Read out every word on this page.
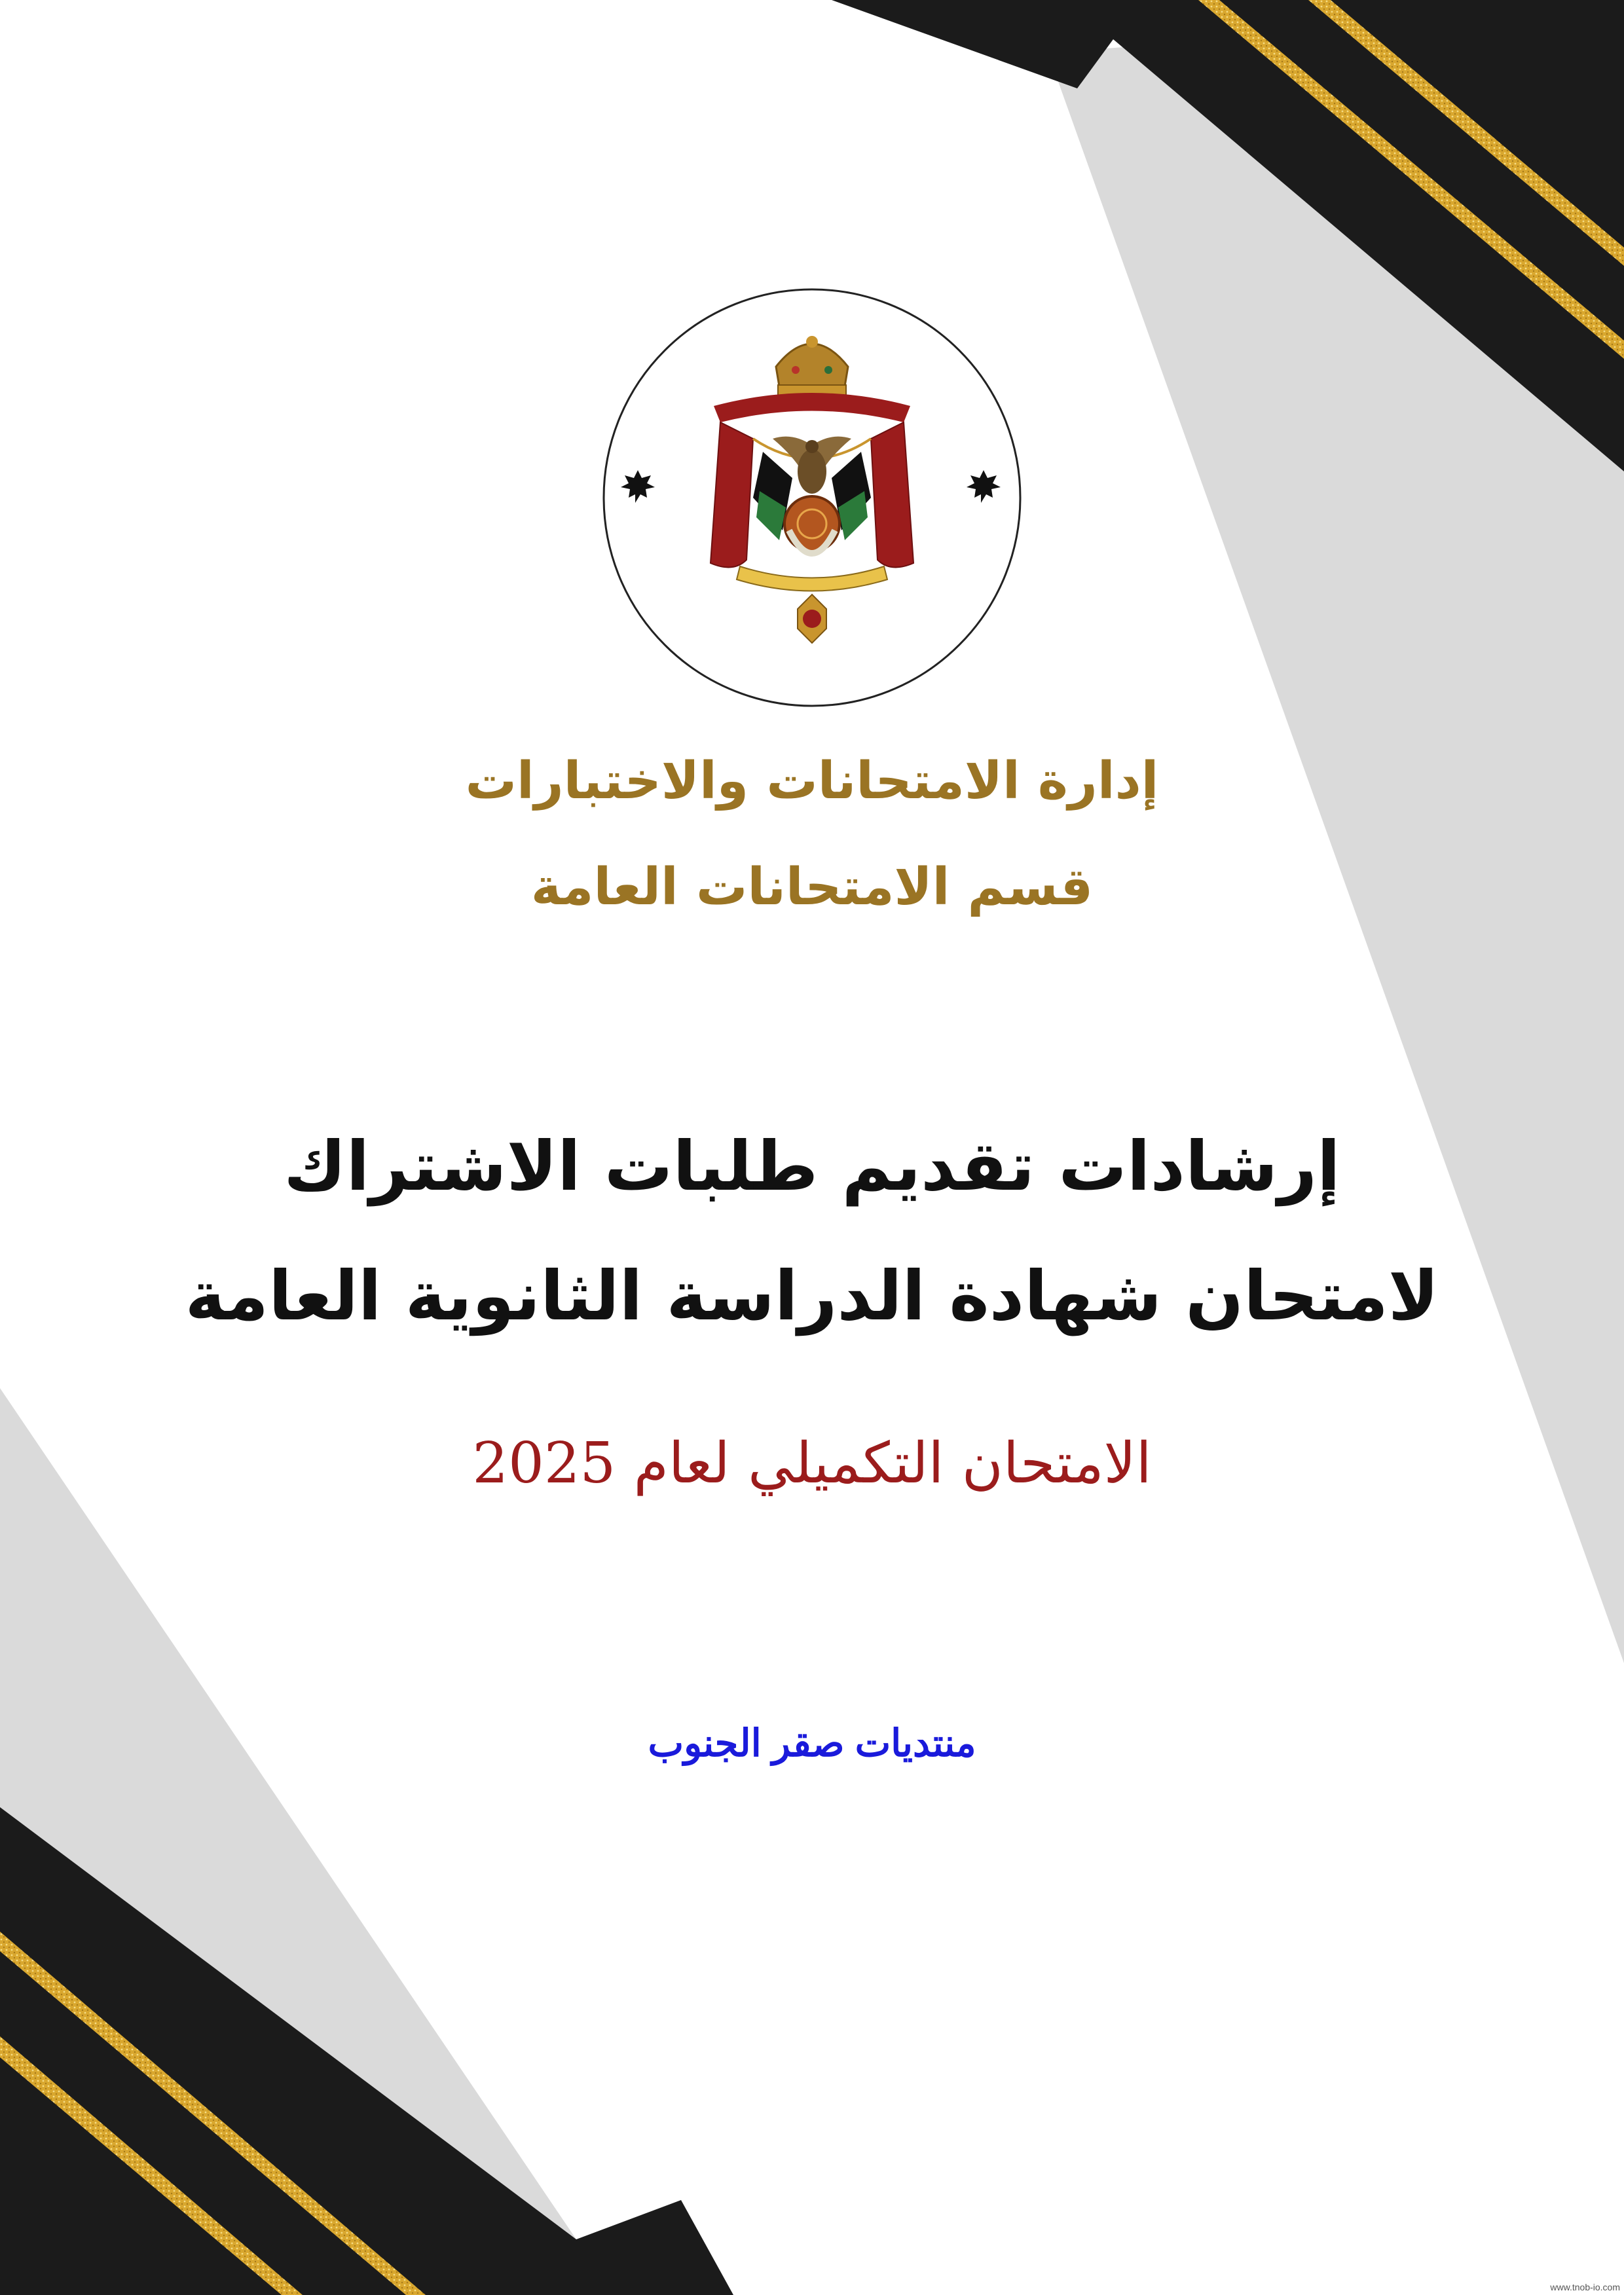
إدارة الامتحانات والاختبارات

قسم الامتحانات العامة

إرشادات تقديم طلبات الاشتراك

لامتحان شهادة الدراسة الثانوية العامة

الامتحان التكميلي لعام 2025

منتديات صقر الجنوب

www.tnob-io.com
